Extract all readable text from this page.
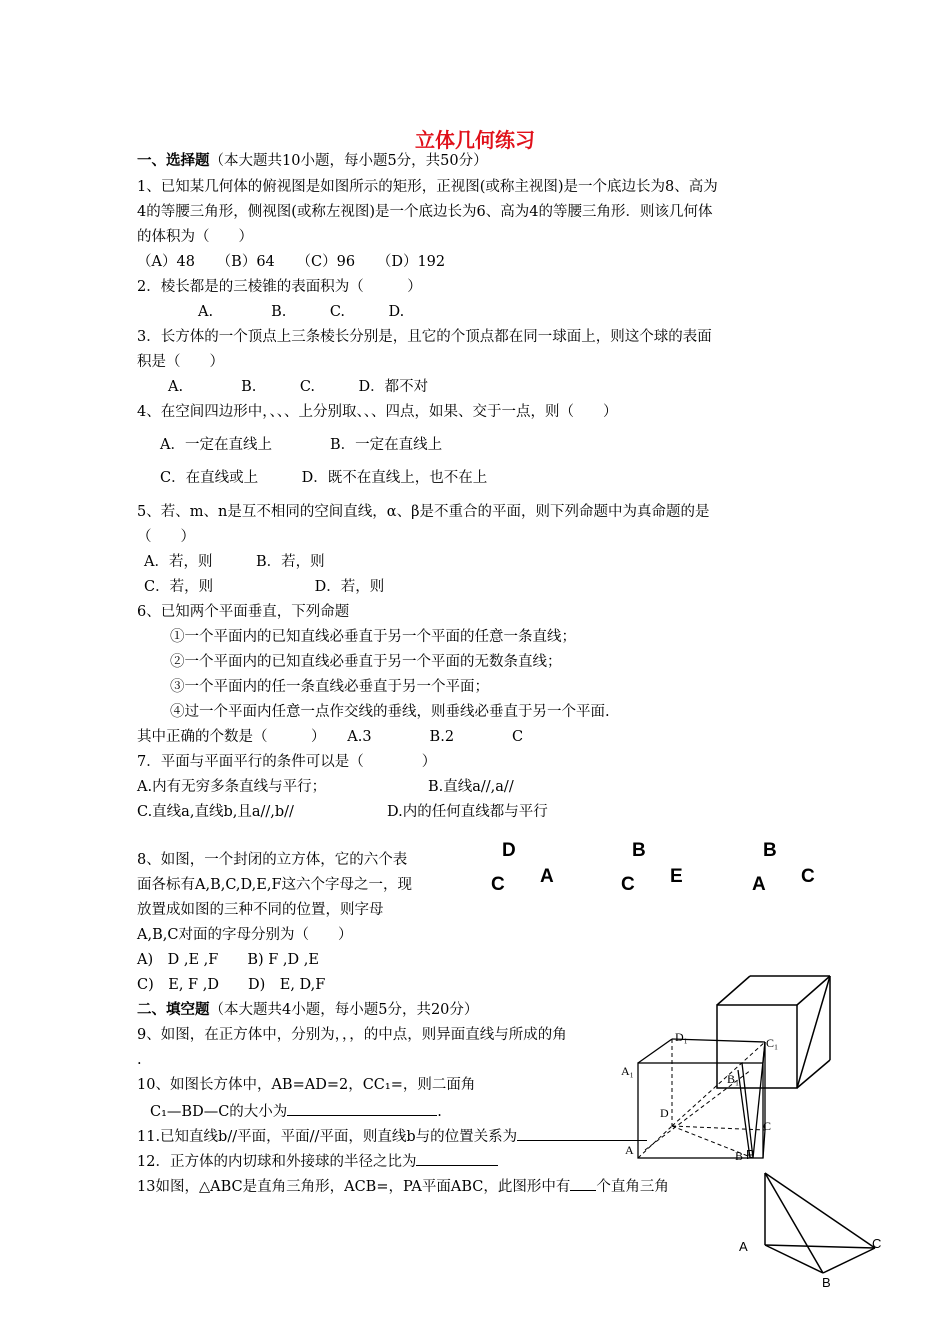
立体几何练习
一、选择题（本大题共10小题，每小题5分，共50分）
1、已知某几何体的俯视图是如图所示的矩形，正视图(或称主视图)是一个底边长为8、高为
4的等腰三角形，侧视图(或称左视图)是一个底边长为6、高为4的等腰三角形．则该几何体
的体积为（　　）
（A）48　　（B）64　　（C）96　　（D）192
2．棱长都是的三棱锥的表面积为（　　　）
A.　　　　B.　　　C.　　　D.
3．长方体的一个顶点上三条棱长分别是，且它的个顶点都在同一球面上，则这个球的表面
积是（　　）
A.　　　　B.　　　C.　　　D．都不对
4、在空间四边形中，、、、上分别取、、、四点，如果、交于一点，则（　　）
A．一定在直线上　　　　B．一定在直线上
C．在直线或上　　　D．既不在直线上，也不在上
5、若、m、n是互不相同的空间直线，α、β是不重合的平面，则下列命题中为真命题的是
（　　）
A．若，则　　　B．若，则
C．若，则　　　　　　　D．若，则
6、已知两个平面垂直，下列命题
①一个平面内的已知直线必垂直于另一个平面的任意一条直线；
②一个平面内的已知直线必垂直于另一个平面的无数条直线；
③一个平面内的任一条直线必垂直于另一个平面；
④过一个平面内任意一点作交线的垂线，则垂线必垂直于另一个平面.
其中正确的个数是（　　　）　　A.3　　　　B.2　　　　C
7．平面与平面平行的条件可以是（　　　　）
A.内有无穷多条直线与平行；	B.直线a//,a//
C.直线a,直线b,且a//,b//	D.内的任何直线都与平行
8、如图，一个封闭的立方体，它的六个表
面各标有A,B,C,D,E,F这六个字母之一，现
放置成如图的三种不同的位置，则字母
A,B,C对面的字母分别为（　　）
A)　D ,E ,F　　B) F ,D ,E
C)　E, F ,D　　D)　E, D,F
D
C A
B
C E
B
A C
二、填空题（本大题共4小题，每小题5分，共20分）
9、如图，在正方体中，分别为，，，的中点，则异面直线与所成的角
.
10、如图长方体中，AB=AD=2，CC₁=，则二面角
C₁—BD—C的大小为	.
11.已知直线b//平面，平面//平面，则直线b与的位置关系为
12．正方体的内切球和外接球的半径之比为
13如图，△ABC是直角三角形，ACB=，PA平面ABC，此图形中有 个直角三角
A₁
D₁	C₁
B₁
D
A	B
C
P
A	C
B
